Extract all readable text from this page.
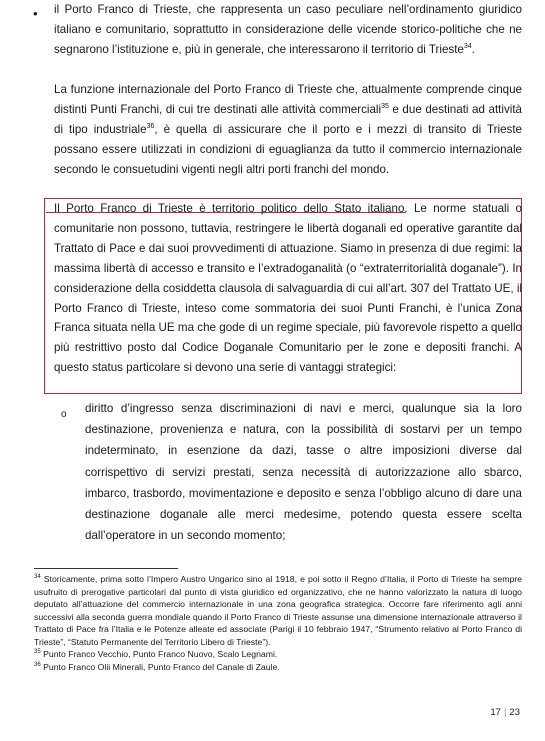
• il Porto Franco di Trieste, che rappresenta un caso peculiare nell’ordinamento giuridico italiano e comunitario, soprattutto in considerazione delle vicende storico-politiche che ne segnarono l’istituzione e, più in generale, che interessarono il territorio di Trieste$^{34}$.
La funzione internazionale del Porto Franco di Trieste che, attualmente comprende cinque distinti Punti Franchi, di cui tre destinati alle attività commerciali$^{35}$ e due destinati ad attività di tipo industriale$^{36}$, è quella di assicurare che il porto e i mezzi di transito di Trieste possano essere utilizzati in condizioni di eguaglianza da tutto il commercio internazionale secondo le consuetudini vigenti negli altri porti franchi del mondo.
Il Porto Franco di Trieste è territorio politico dello Stato italiano. Le norme statuali o comunitarie non possono, tuttavia, restringere le libertà doganali ed operative garantite dal Trattato di Pace e dai suoi provvedimenti di attuazione. Siamo in presenza di due regimi: la massima libertà di accesso e transito e l’extradoganalità (o “extraterritorialità doganale”). In considerazione della cosiddetta clausola di salvaguardia di cui all’art. 307 del Trattato UE, il Porto Franco di Trieste, inteso come sommatoria dei suoi Punti Franchi, è l’unica Zona Franca situata nella UE ma che gode di un regime speciale, più favorevole rispetto a quello più restrittivo posto dal Codice Doganale Comunitario per le zone e depositi franchi. A questo status particolare si devono una serie di vantaggi strategici:
o diritto d’ingresso senza discriminazioni di navi e merci, qualunque sia la loro destinazione, provenienza e natura, con la possibilità di sostarvi per un tempo indeterminato, in esenzione da dazi, tasse o altre imposizioni diverse dal corrispettivo di servizi prestati, senza necessità di autorizzazione allo sbarco, imbarco, trasbordo, movimentazione e deposito e senza l’obbligo alcuno di dare una destinazione doganale alle merci medesime, potendo questa essere scelta dall’operatore in un secondo momento;

$^{34}$ Storicamente, prima sotto l’Impero Austro Ungarico sino al 1918, e poi sotto il Regno d’Italia, il Porto di Trieste ha sempre usufruito di prerogative particolari dal punto di vista giuridico ed organizzativo, che ne hanno valorizzato la natura di luogo deputato all’attuazione del commercio internazionale in una zona geografica strategica. Occorre fare riferimento agli anni successivi alla seconda guerra mondiale quando il Porto Franco di Trieste assunse una dimensione internazionale attraverso il Trattato di Pace fra l’Italia e le Potenze alleate ed associate (Parigi il 10 febbraio 1947, “Strumento relativo al Porto Franco di Trieste”, “Statuto Permanente del Territorio Libero di Trieste”).

$^{35}$ Punto Franco Vecchio, Punto Franco Nuovo, Scalo Legnami.

$^{36}$ Punto Franco Olii Minerali, Punto Franco del Canale di Zaule.

17 | 23
